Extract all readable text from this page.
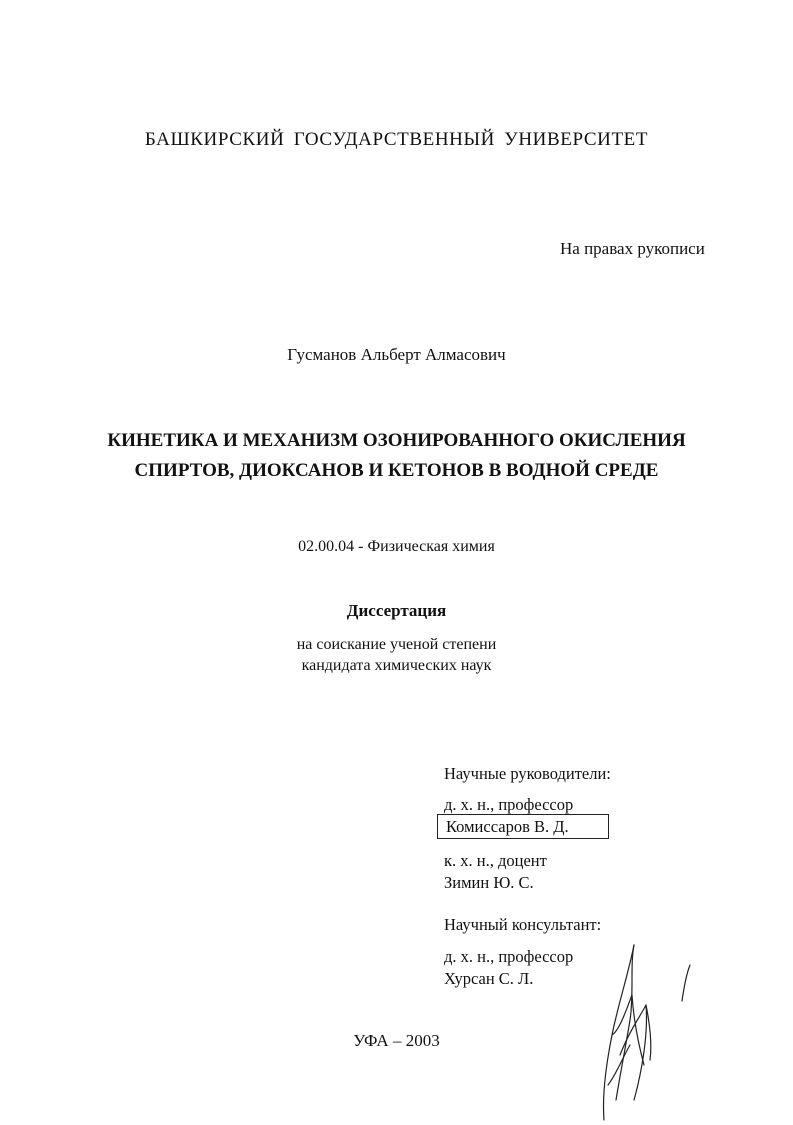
БАШКИРСКИЙ ГОСУДАРСТВЕННЫЙ УНИВЕРСИТЕТ
На правах рукописи
Гусманов Альберт Алмасович
КИНЕТИКА И МЕХАНИЗМ ОЗОНИРОВАННОГО ОКИСЛЕНИЯ
СПИРТОВ, ДИОКСАНОВ И КЕТОНОВ В ВОДНОЙ СРЕДЕ
02.00.04 - Физическая химия
Диссертация
на соискание ученой степени
кандидата химических наук
Научные руководители:
д. х. н., профессор
Комиссаров В. Д.
к. х. н., доцент
Зимин Ю. С.
Научный консультант:
д. х. н., профессор
Хурсан С. Л.
УФА – 2003
